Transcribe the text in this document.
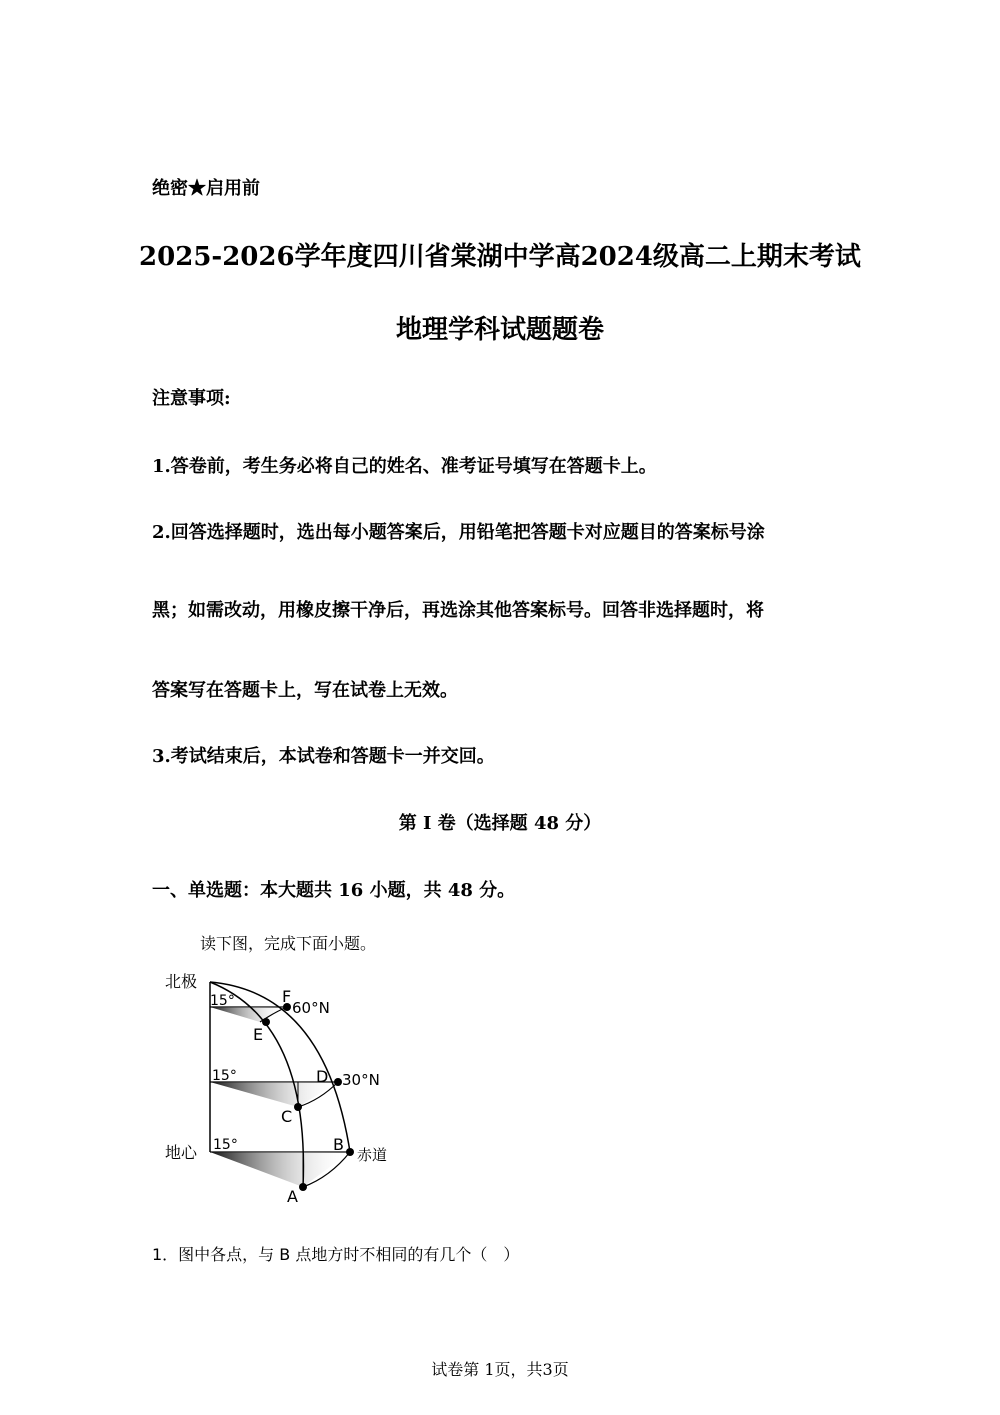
绝密★启用前
2025-2026学年度四川省棠湖中学高2024级高二上期末考试
地理学科试题题卷
注意事项:
1.答卷前，考生务必将自己的姓名、准考证号填写在答题卡上。
2.回答选择题时，选出每小题答案后，用铅笔把答题卡对应题目的答案标号涂
黑；如需改动，用橡皮擦干净后，再选涂其他答案标号。回答非选择题时，将
答案写在答题卡上，写在试卷上无效。
3.考试结束后，本试卷和答题卡一并交回。
第 I 卷（选择题 48 分）
一、单选题：本大题共 16 小题，共 48 分。
读下图，完成下面小题。
北极
15°	F
60°N
E
15°	D 30°N
C
地心 15°	B
赤道
A
1．图中各点，与 B 点地方时不相同的有几个（　）
试卷第 1页，共3页
